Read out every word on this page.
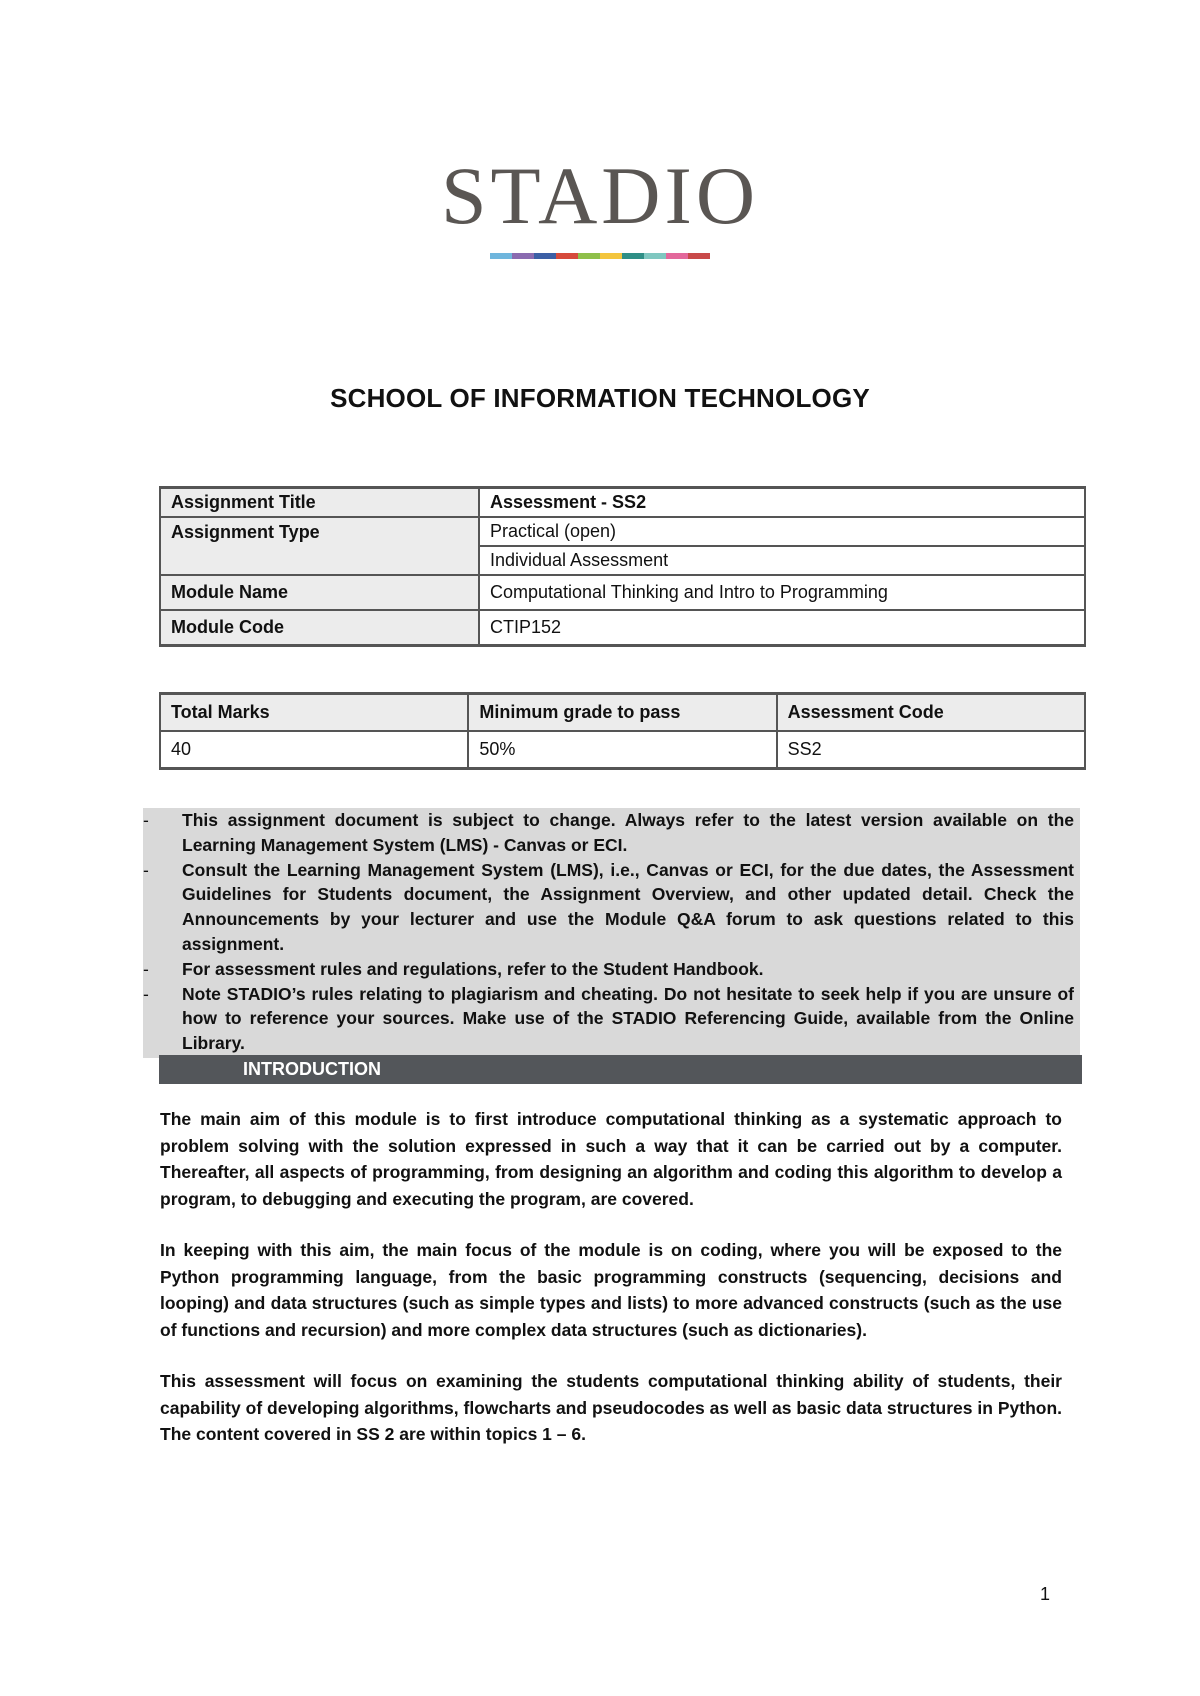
STADIO
SCHOOL OF INFORMATION TECHNOLOGY
Assignment Title	Assessment - SS2
Assignment Type	Practical (open)
	Individual Assessment
Module Name	Computational Thinking and Intro to Programming
Module Code	CTIP152
Total Marks	Minimum grade to pass	Assessment Code
40	50%	SS2
- This assignment document is subject to change. Always refer to the latest version available on the Learning Management System (LMS) - Canvas or ECI.
- Consult the Learning Management System (LMS), i.e., Canvas or ECI, for the due dates, the Assessment Guidelines for Students document, the Assignment Overview, and other updated detail. Check the Announcements by your lecturer and use the Module Q&A forum to ask questions related to this assignment.
- For assessment rules and regulations, refer to the Student Handbook.
- Note STADIO’s rules relating to plagiarism and cheating. Do not hesitate to seek help if you are unsure of how to reference your sources. Make use of the STADIO Referencing Guide, available from the Online Library.
INTRODUCTION

The main aim of this module is to first introduce computational thinking as a systematic approach to problem solving with the solution expressed in such a way that it can be carried out by a computer. Thereafter, all aspects of programming, from designing an algorithm and coding this algorithm to develop a program, to debugging and executing the program, are covered.

In keeping with this aim, the main focus of the module is on coding, where you will be exposed to the Python programming language, from the basic programming constructs (sequencing, decisions and looping) and data structures (such as simple types and lists) to more advanced constructs (such as the use of functions and recursion) and more complex data structures (such as dictionaries).

This assessment will focus on examining the students computational thinking ability of students, their capability of developing algorithms, flowcharts and pseudocodes as well as basic data structures in Python. The content covered in SS 2 are within topics 1 – 6.

1
